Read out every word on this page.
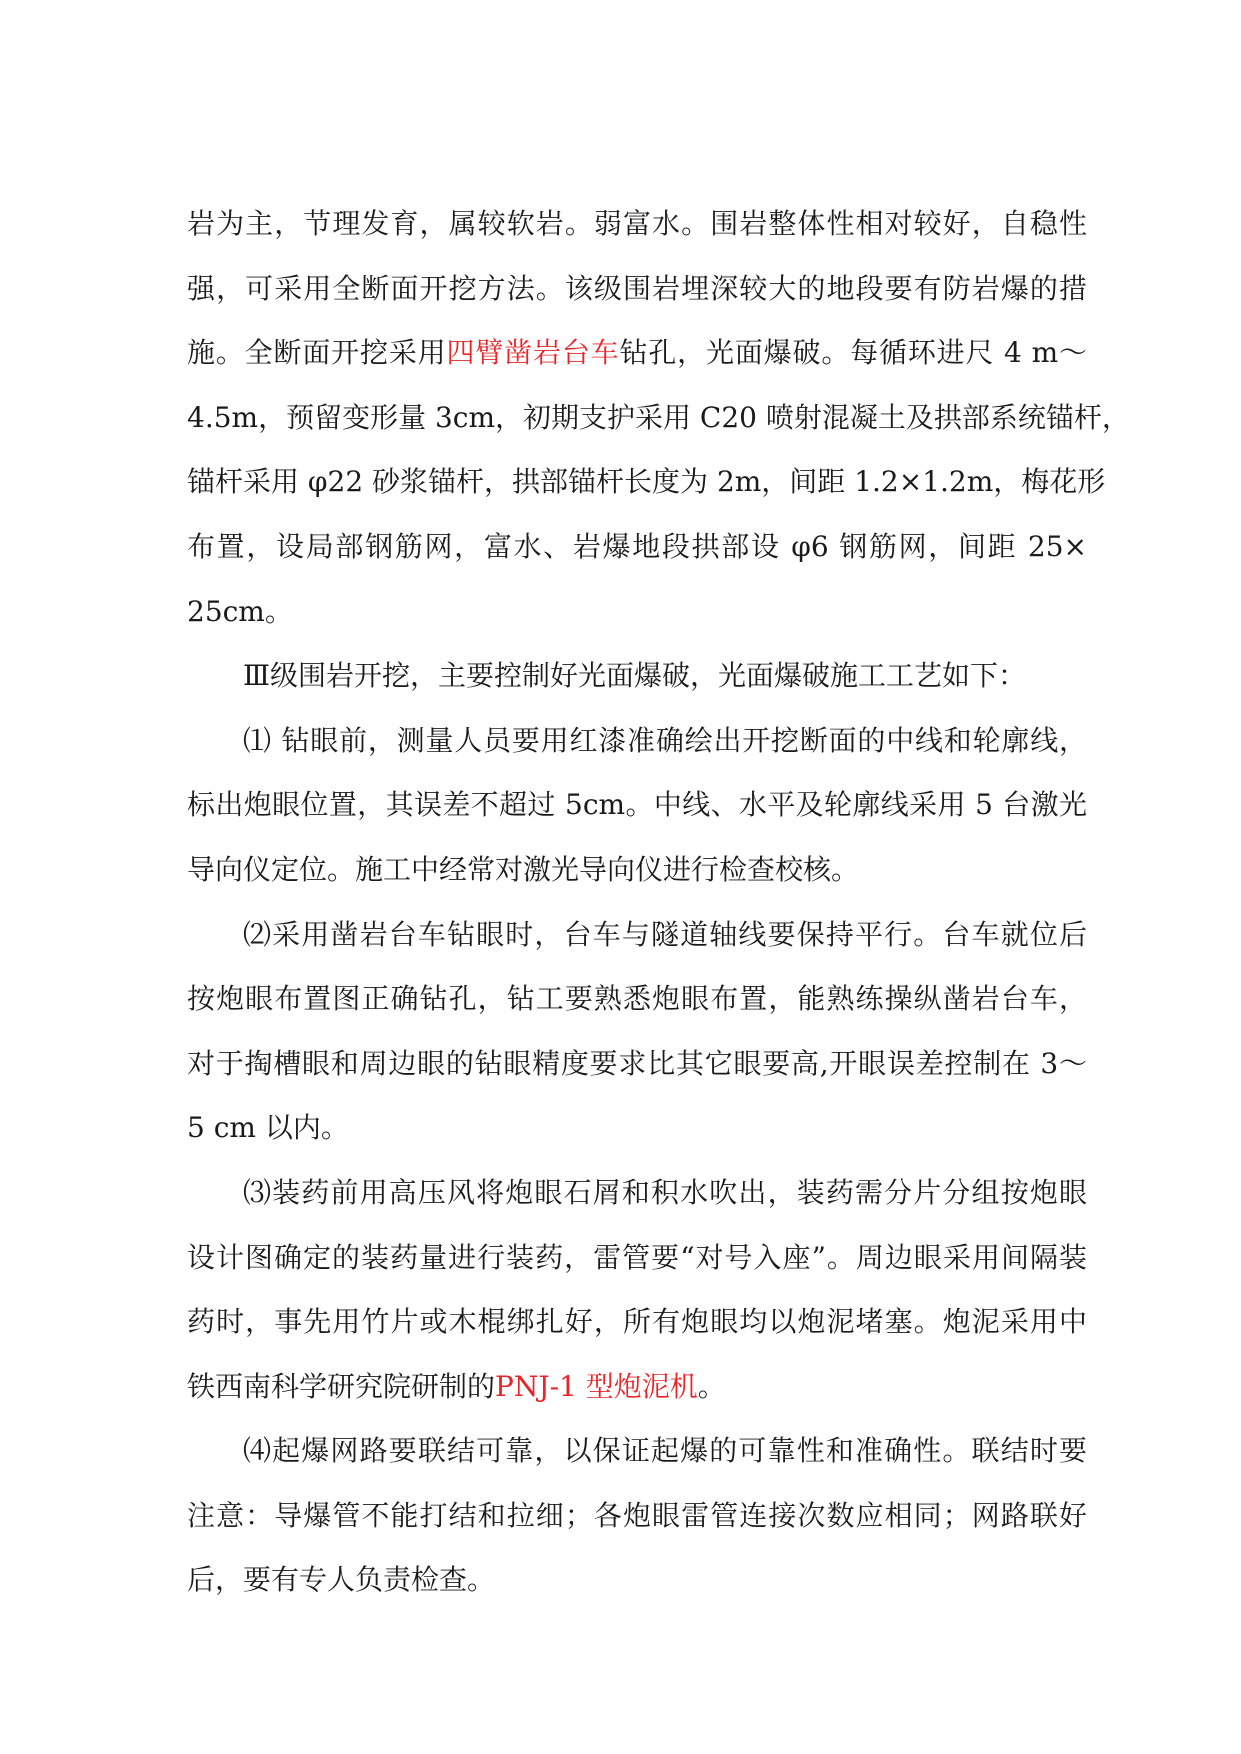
岩为主，节理发育，属较软岩。弱富水。围岩整体性相对较好，自稳性
强，可采用全断面开挖方法。该级围岩埋深较大的地段要有防岩爆的措
施。全断面开挖采用四臂凿岩台车钻孔，光面爆破。每循环进尺 4 m～
4.5m，预留变形量 3cm，初期支护采用 C20 喷射混凝土及拱部系统锚杆，
锚杆采用 φ22 砂浆锚杆，拱部锚杆长度为 2m，间距 1.2×1.2m，梅花形
布置，设局部钢筋网，富水、岩爆地段拱部设 φ6 钢筋网，间距 25×
25cm。
Ⅲ级围岩开挖，主要控制好光面爆破，光面爆破施工工艺如下：
⑴ 钻眼前，测量人员要用红漆准确绘出开挖断面的中线和轮廓线，
标出炮眼位置，其误差不超过 5cm。中线、水平及轮廓线采用 5 台激光
导向仪定位。施工中经常对激光导向仪进行检查校核。
⑵采用凿岩台车钻眼时，台车与隧道轴线要保持平行。台车就位后
按炮眼布置图正确钻孔，钻工要熟悉炮眼布置，能熟练操纵凿岩台车，
对于掏槽眼和周边眼的钻眼精度要求比其它眼要高,开眼误差控制在 3～
5 cm 以内。
⑶装药前用高压风将炮眼石屑和积水吹出，装药需分片分组按炮眼
设计图确定的装药量进行装药，雷管要“对号入座”。周边眼采用间隔装
药时，事先用竹片或木棍绑扎好，所有炮眼均以炮泥堵塞。炮泥采用中
铁西南科学研究院研制的PNJ-1 型炮泥机。
⑷起爆网路要联结可靠，以保证起爆的可靠性和准确性。联结时要
注意：导爆管不能打结和拉细；各炮眼雷管连接次数应相同；网路联好
后，要有专人负责检查。
